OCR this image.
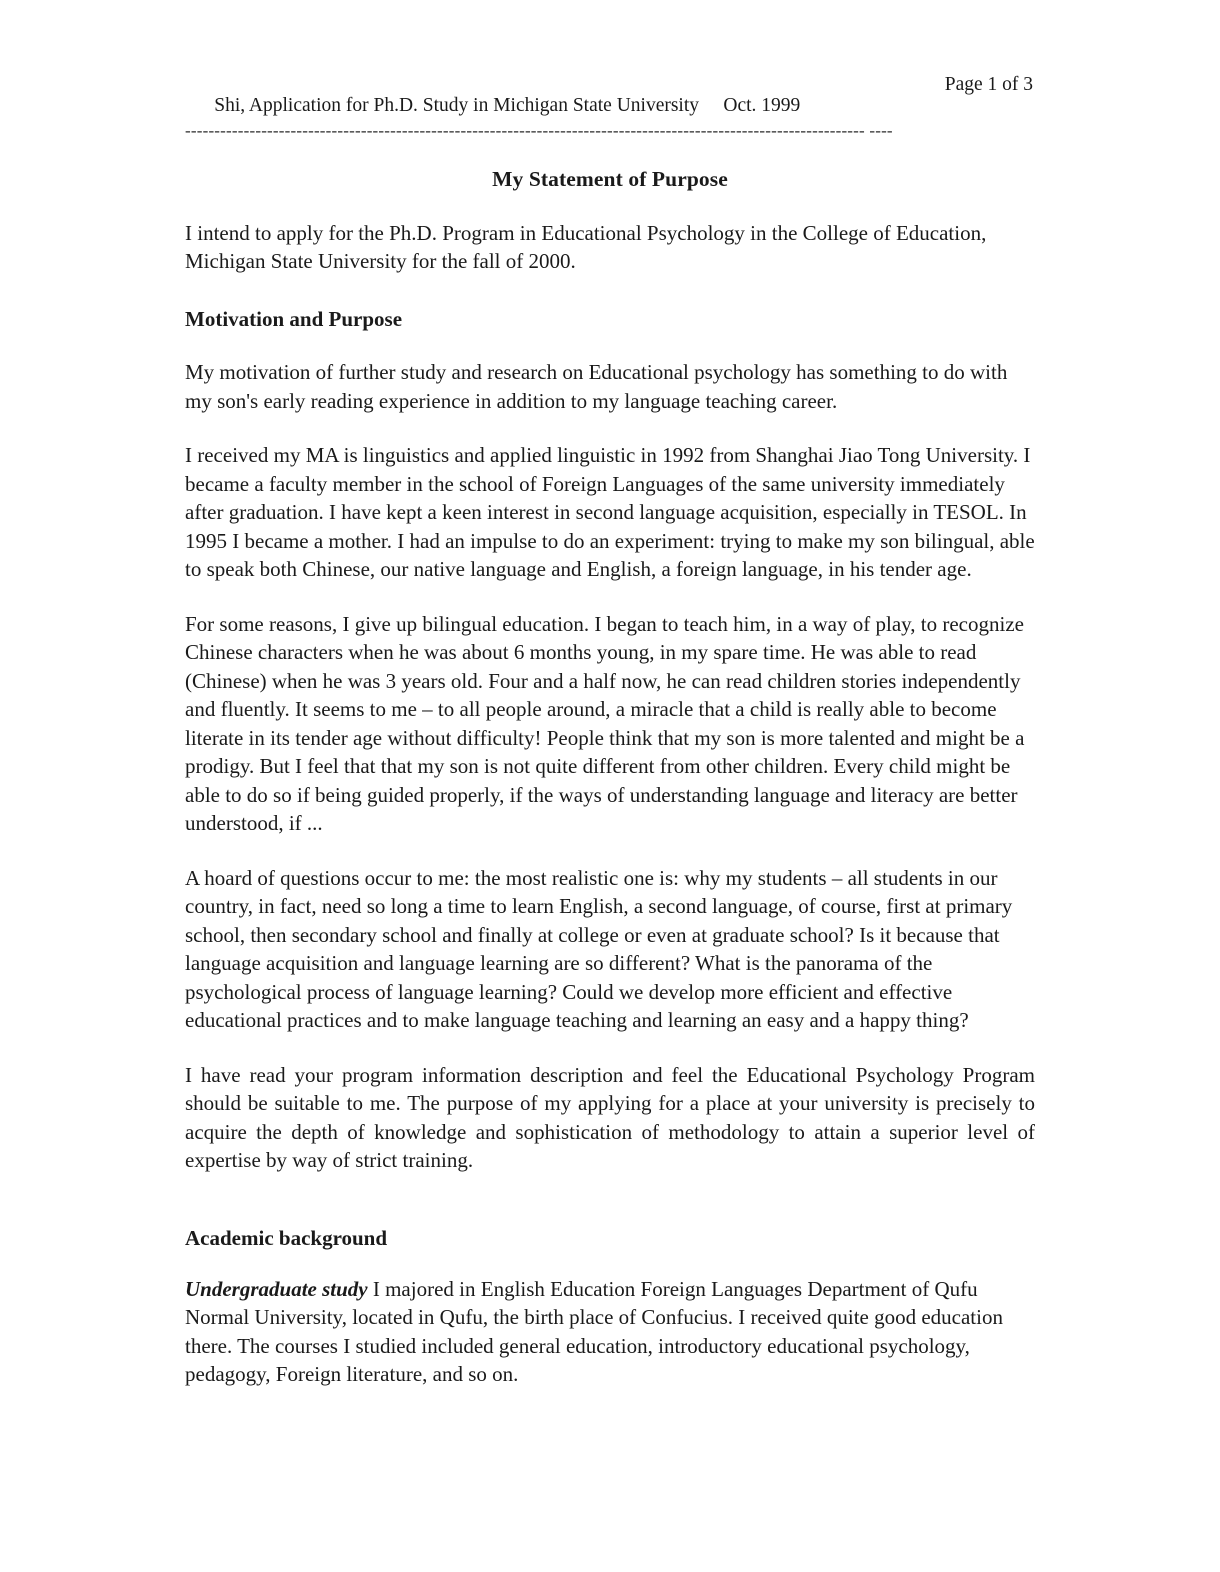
Shi, Application for Ph.D. Study in Michigan State University Oct. 1999

Page 1 of 3

-------------------------------------------------------------------------------------------------------------------- ----
My Statement of Purpose

I intend to apply for the Ph.D. Program in Educational Psychology in the College of Education, Michigan State University for the fall of 2000.

Motivation and Purpose

My motivation of further study and research on Educational psychology has something to do with my son's early reading experience in addition to my language teaching career.

I received my MA is linguistics and applied linguistic in 1992 from Shanghai Jiao Tong University. I became a faculty member in the school of Foreign Languages of the same university immediately after graduation. I have kept a keen interest in second language acquisition, especially in TESOL. In 1995 I became a mother. I had an impulse to do an experiment: trying to make my son bilingual, able to speak both Chinese, our native language and English, a foreign language, in his tender age.

For some reasons, I give up bilingual education. I began to teach him, in a way of play, to recognize Chinese characters when he was about 6 months young, in my spare time. He was able to read (Chinese) when he was 3 years old. Four and a half now, he can read children stories independently and fluently. It seems to me – to all people around, a miracle that a child is really able to become literate in its tender age without difficulty! People think that my son is more talented and might be a prodigy. But I feel that that my son is not quite different from other children. Every child might be able to do so if being guided properly, if the ways of understanding language and literacy are better understood, if ...

A hoard of questions occur to me: the most realistic one is: why my students – all students in our country, in fact, need so long a time to learn English, a second language, of course, first at primary school, then secondary school and finally at college or even at graduate school? Is it because that language acquisition and language learning are so different? What is the panorama of the psychological process of language learning? Could we develop more efficient and effective educational practices and to make language teaching and learning an easy and a happy thing?

I have read your program information description and feel the Educational Psychology Program should be suitable to me. The purpose of my applying for a place at your university is precisely to acquire the depth of knowledge and sophistication of methodology to attain a superior level of expertise by way of strict training.

Academic background

Undergraduate study I majored in English Education Foreign Languages Department of Qufu Normal University, located in Qufu, the birth place of Confucius. I received quite good education there. The courses I studied included general education, introductory educational psychology, pedagogy, Foreign literature, and so on.
